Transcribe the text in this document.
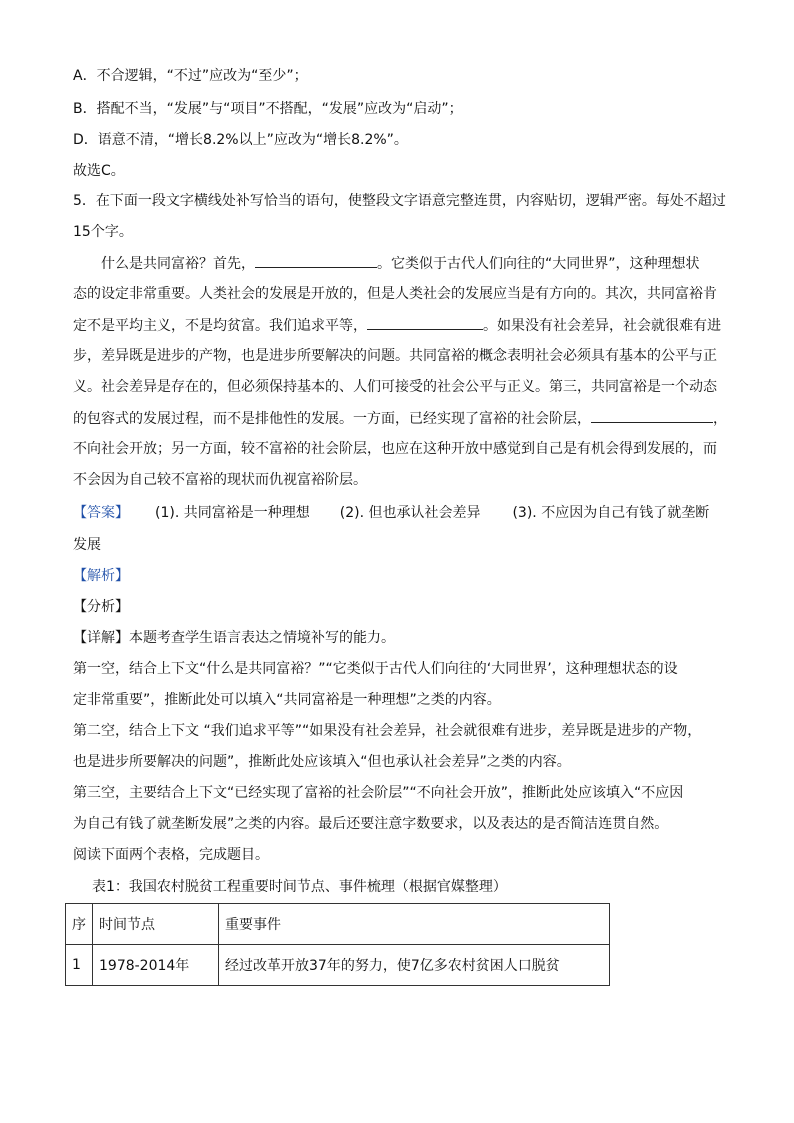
A．不合逻辑，“不过”应改为“至少”；
B．搭配不当，“发展”与“项目”不搭配，“发展”应改为“启动”；
D．语意不清，“增长8.2%以上”应改为“增长8.2%”。
故选C。
5．在下面一段文字横线处补写恰当的语句，使整段文字语意完整连贯，内容贴切，逻辑严密。每处不超过
15个字。
什么是共同富裕？首先，	。它类似于古代人们向往的“大同世界”，这种理想状
态的设定非常重要。人类社会的发展是开放的，但是人类社会的发展应当是有方向的。其次，共同富裕肯
定不是平均主义，不是均贫富。我们追求平等，	。如果没有社会差异，社会就很难有进
步，差异既是进步的产物，也是进步所要解决的问题。共同富裕的概念表明社会必须具有基本的公平与正
义。社会差异是存在的，但必须保持基本的、人们可接受的社会公平与正义。第三，共同富裕是一个动态
的包容式的发展过程，而不是排他性的发展。一方面，已经实现了富裕的社会阶层，	，
不向社会开放；另一方面，较不富裕的社会阶层，也应在这种开放中感觉到自己是有机会得到发展的，而
不会因为自己较不富裕的现状而仇视富裕阶层。
【答案】 (1). 共同富裕是一种理想 (2). 但也承认社会差异 (3). 不应因为自己有钱了就垄断
发展
【解析】
【分析】
【详解】本题考查学生语言表达之情境补写的能力。
第一空，结合上下文“什么是共同富裕？”“它类似于古代人们向往的‘大同世界’，这种理想状态的设
定非常重要”，推断此处可以填入“共同富裕是一种理想”之类的内容。
第二空，结合上下文 “我们追求平等”“如果没有社会差异，社会就很难有进步，差异既是进步的产物，
也是进步所要解决的问题”，推断此处应该填入“但也承认社会差异”之类的内容。
第三空，主要结合上下文“已经实现了富裕的社会阶层”“不向社会开放”，推断此处应该填入“不应因
为自己有钱了就垄断发展”之类的内容。最后还要注意字数要求，以及表达的是否简洁连贯自然。
阅读下面两个表格，完成题目。
表1：我国农村脱贫工程重要时间节点、事件梳理（根据官媒整理）
序	时间节点	重要事件
1	1978-2014年	经过改革开放37年的努力，使7亿多农村贫困人口脱贫
